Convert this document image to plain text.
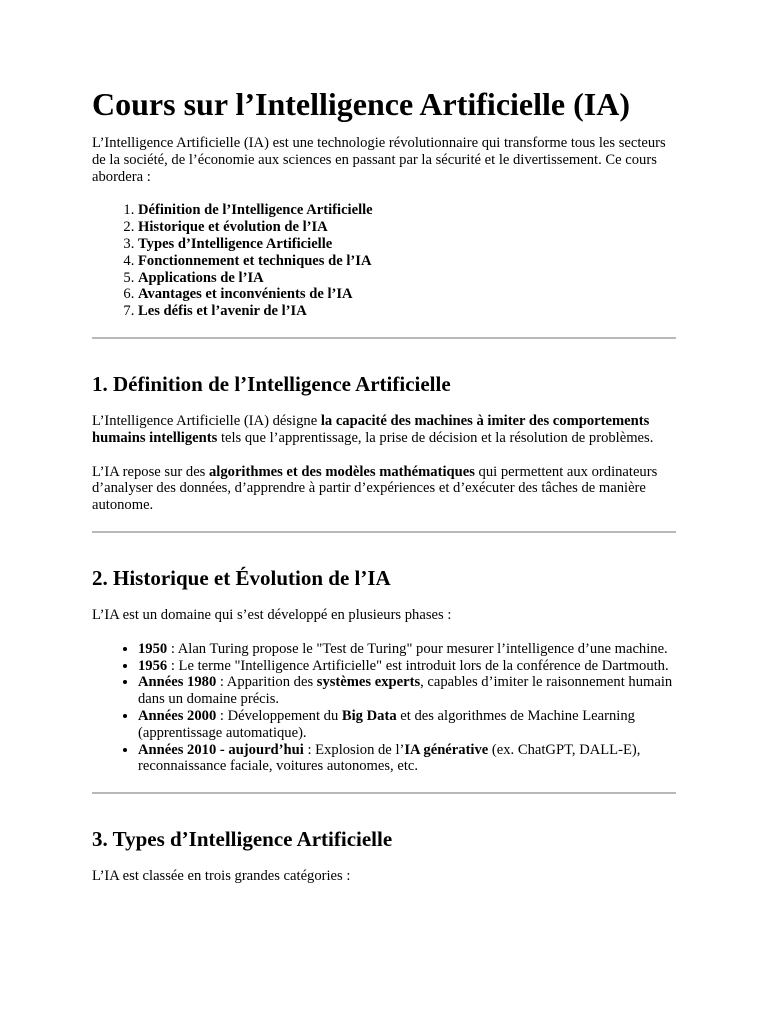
Cours sur l’Intelligence Artificielle (IA)

L’Intelligence Artificielle (IA) est une technologie révolutionnaire qui transforme tous les secteurs de la société, de l’économie aux sciences en passant par la sécurité et le divertissement. Ce cours abordera :

1. Définition de l’Intelligence Artificielle
2. Historique et évolution de l’IA
3. Types d’Intelligence Artificielle
4. Fonctionnement et techniques de l’IA
5. Applications de l’IA
6. Avantages et inconvénients de l’IA
7. Les défis et l’avenir de l’IA
1. Définition de l’Intelligence Artificielle

L’Intelligence Artificielle (IA) désigne la capacité des machines à imiter des comportements humains intelligents tels que l’apprentissage, la prise de décision et la résolution de problèmes.

L’IA repose sur des algorithmes et des modèles mathématiques qui permettent aux ordinateurs d’analyser des données, d’apprendre à partir d’expériences et d’exécuter des tâches de manière autonome.

2. Historique et Évolution de l’IA

L’IA est un domaine qui s’est développé en plusieurs phases :

• 1950 : Alan Turing propose le "Test de Turing" pour mesurer l’intelligence d’une machine.
• 1956 : Le terme "Intelligence Artificielle" est introduit lors de la conférence de Dartmouth.
• Années 1980 : Apparition des systèmes experts, capables d’imiter le raisonnement humain dans un domaine précis.
• Années 2000 : Développement du Big Data et des algorithmes de Machine Learning (apprentissage automatique).
• Années 2010 - aujourd’hui : Explosion de l’IA générative (ex. ChatGPT, DALL-E), reconnaissance faciale, voitures autonomes, etc.
3. Types d’Intelligence Artificielle

L’IA est classée en trois grandes catégories :
